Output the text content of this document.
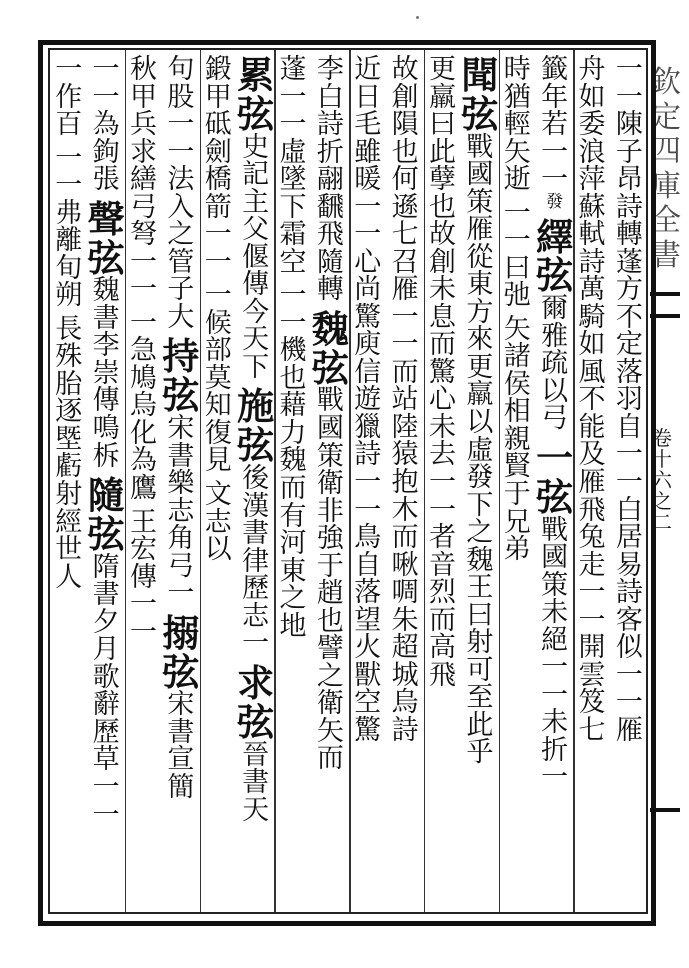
欽
定
四
庫
全
書
卷
十
六
之
二
一
一
陳
子
昂
詩
轉
蓬
方
不
定
落
羽
自
一
一
白
居
易
詩
客
似
一
一
雁
舟
如
委
浪
萍
蘇
軾
詩
萬
騎
如
風
不
能
及
雁
飛
兔
走
一
一
開
雲
笈
七
籤
年
若
一
一
發
繹
弦
爾
雅
疏
以
弓
一
弦
戰
國
策
未
絕
一
一
未
折
一
時
猶
輕
矢
逝
一
一
曰
弛
矢
諸
侯
相
親
賢
于
兄
弟
聞
弦
戰
國
策
雁
從
東
方
來
更
羸
以
虛
發
下
之
魏
王
曰
射
可
至
此
乎
更
羸
曰
此
孽
也
故
創
未
息
而
驚
心
未
去
一
一
者
音
烈
而
高
飛
故
創
隕
也
何
遜
七
召
雁
一
一
而
站
陸
猿
抱
木
而
啾
啁
朱
超
城
烏
詩
近
日
毛
雖
暖
一
一
心
尚
驚
庾
信
遊
獵
詩
一
一
鳥
自
落
望
火
獸
空
驚
李
白
詩
折
翮
飜
飛
隨
轉
魏
弦
戰
國
策
衛
非
強
于
趙
也
譬
之
衛
矢
而
蓬
一
一
虛
墜
下
霜
空
一
一
機
也
藉
力
魏
而
有
河
東
之
地
累
弦
史
記
主
父
偃
傳
今
天
下
施
弦
後
漢
書
律
歷
志
一
求
弦
晉
書
天
鍛
甲
砥
劍
橋
箭
一
一
一
候
部
莫
知
復
見
文
志
以
句
股
一
一
法
入
之
管
子
大
持
弦
宋
書
樂
志
角
弓
一
搦
弦
宋
書
宣
簡
秋
甲
兵
求
繕
弓
弩
一
一
一
急
鳩
烏
化
為
鷹
王
宏
傳
一
一
一
一
為
鉤
張
聲
弦
魏
書
李
崇
傳
鳴
柝
隨
弦
隋
書
夕
月
歌
辭
歷
草
一
一
一
作
百
一
一
弗
離
旬
朔
長
殊
胎
逐
塈
虧
射
經
世
人
